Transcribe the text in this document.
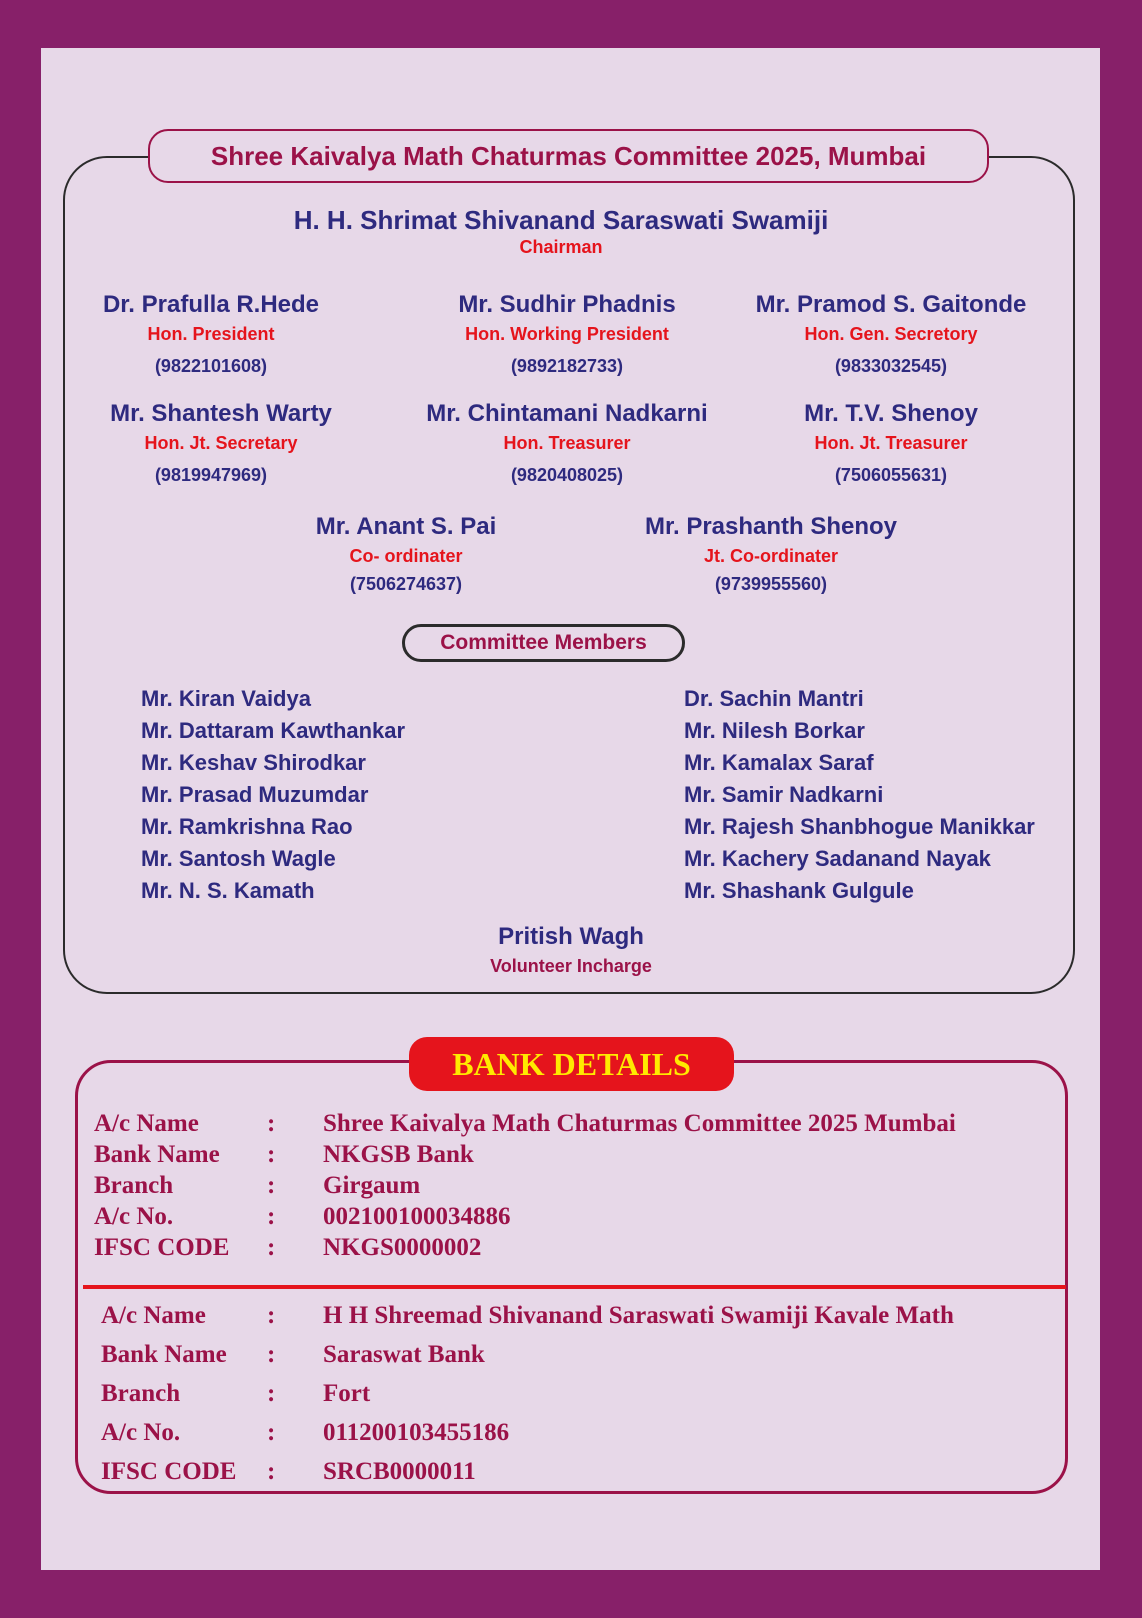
Shree Kaivalya Math Chaturmas Committee 2025, Mumbai
H. H. Shrimat Shivanand Saraswati Swamiji
Chairman
Dr. Prafulla R.Hede
Hon. President
(9822101608)
Mr. Sudhir Phadnis
Hon. Working President
(9892182733)
Mr. Pramod S. Gaitonde
Hon. Gen. Secretory
(9833032545)
Mr. Shantesh Warty
Hon. Jt. Secretary
(9819947969)
Mr. Chintamani Nadkarni
Hon. Treasurer
(9820408025)
Mr. T.V. Shenoy
Hon. Jt. Treasurer
(7506055631)
Mr. Anant S. Pai
Co- ordinater
(7506274637)
Mr. Prashanth Shenoy
Jt. Co-ordinater
(9739955560)
Committee Members
Mr. Kiran Vaidya
Mr. Dattaram Kawthankar
Mr. Keshav Shirodkar
Mr. Prasad Muzumdar
Mr. Ramkrishna Rao
Mr. Santosh Wagle
Mr. N. S. Kamath
Dr. Sachin Mantri
Mr. Nilesh Borkar
Mr. Kamalax Saraf
Mr. Samir Nadkarni
Mr. Rajesh Shanbhogue Manikkar
Mr. Kachery Sadanand Nayak
Mr. Shashank Gulgule
Pritish Wagh
Volunteer Incharge
BANK DETAILS
A/c Name	: Shree Kaivalya Math Chaturmas Committee 2025 Mumbai
Bank Name : NKGSB Bank
Branch	: Girgaum
A/c No.	: 002100100034886
IFSC CODE : NKGS0000002
A/c Name : H H Shreemad Shivanand Saraswati Swamiji Kavale Math
Bank Name : Saraswat Bank
Branch	: Fort
A/c No.	: 011200103455186
IFSC CODE : SRCB0000011
